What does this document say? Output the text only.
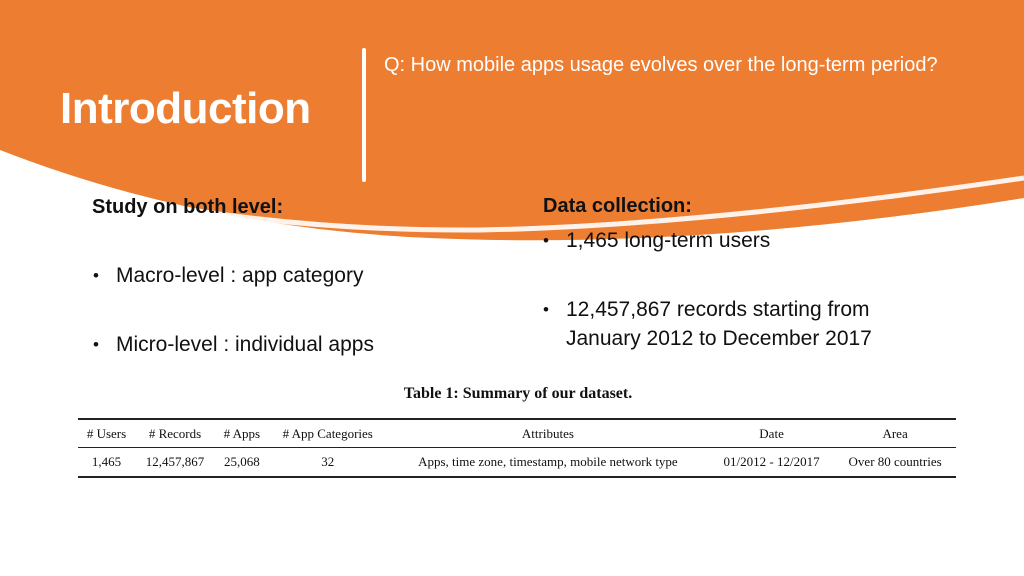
Introduction
Q: How mobile apps usage evolves over the long-term period?
Study on both level:
• Macro-level : app category
• Micro-level : individual apps
Data collection:
• 1,465 long-term users
• 12,457,867 records starting from January 2012 to December 2017
Table 1: Summary of our dataset.
# Users	# Records	# Apps	# App Categories	Attributes	Date	Area
1,465	12,457,867	25,068	32	Apps, time zone, timestamp, mobile network type	01/2012 - 12/2017	Over 80 countries
